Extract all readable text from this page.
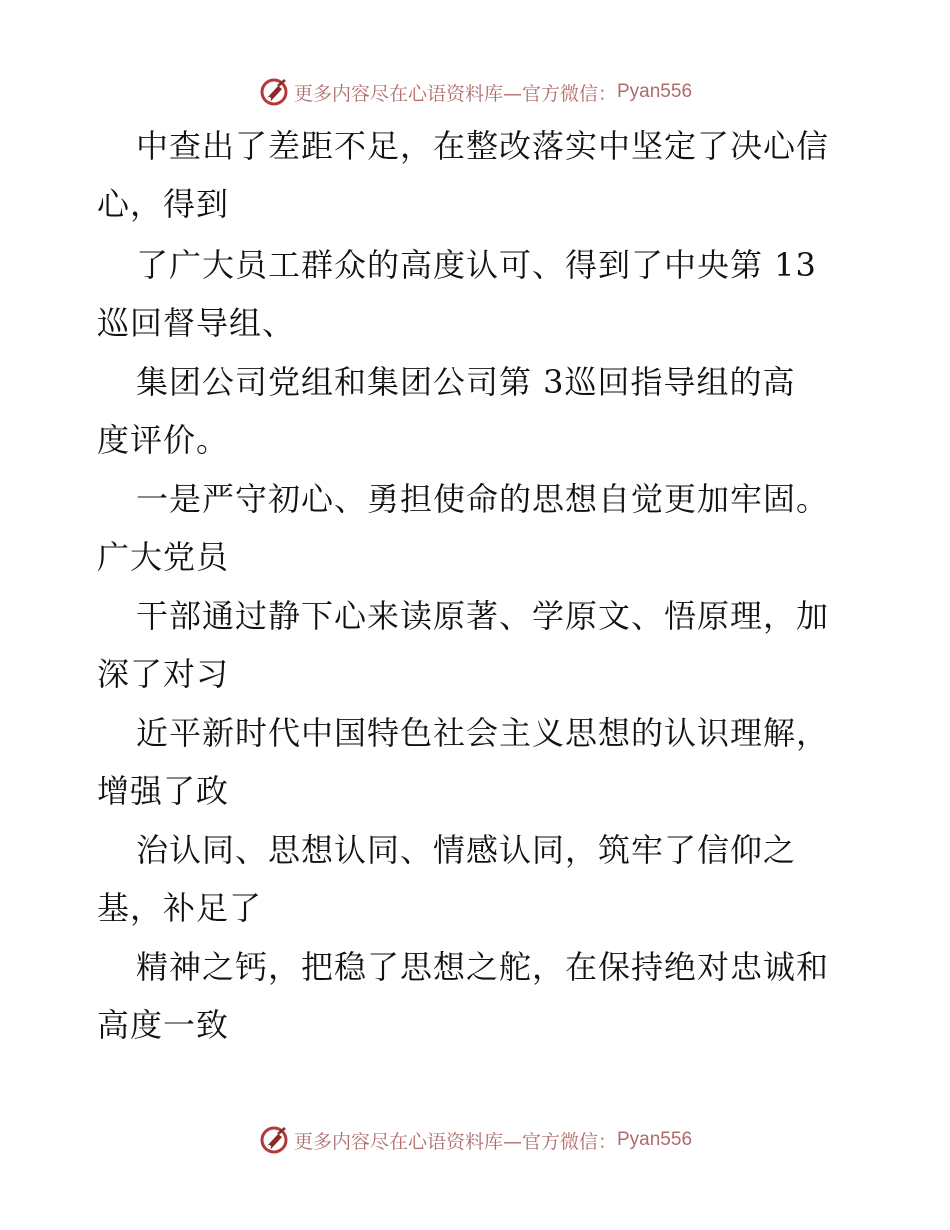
更多内容尽在心语资料库 —官方微信： Pyan556
中查出了差距不足，在整改落实中坚定了决心信
心，得到
了广大员工群众的高度认可、得到了中央第 13
巡回督导组、
集团公司党组和集团公司第 3巡回指导组的高
度评价。
一是严守初心、勇担使命的思想自觉更加牢固。
广大党员
干部通过静下心来读原著、学原文、悟原理，加
深了对习
近平新时代中国特色社会主义思想的认识理解，
增强了政
治认同、思想认同、情感认同，筑牢了信仰之
基，补足了
精神之钙，把稳了思想之舵，在保持绝对忠诚和
高度一致
更多内容尽在心语资料库 —官方微信： Pyan556
